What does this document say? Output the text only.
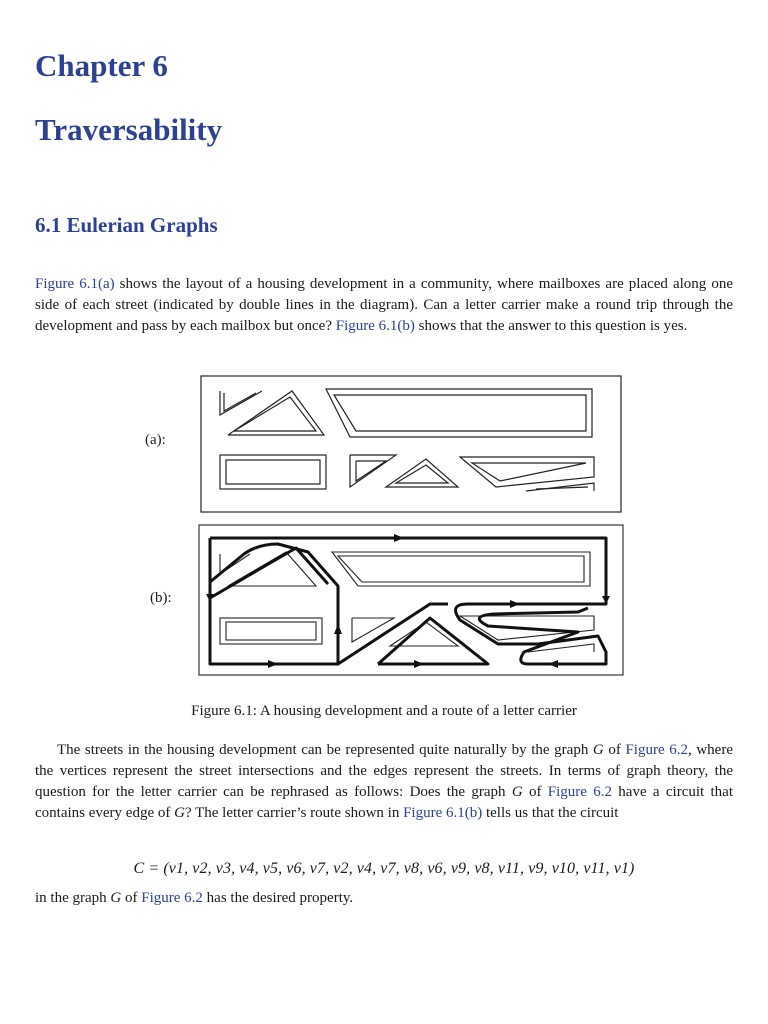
Chapter 6
Traversability
6.1 Eulerian Graphs

Figure 6.1(a) shows the layout of a housing development in a community, where mailboxes are placed along one side of each street (indicated by double lines in the diagram). Can a letter carrier make a round trip through the development and pass by each mailbox but once? Figure 6.1(b) shows that the answer to this question is yes.

(a):
(b):
Figure 6.1: A housing development and a route of a letter carrier

The streets in the housing development can be represented quite naturally by the graph G of Figure 6.2, where the vertices represent the street intersections and the edges represent the streets. In terms of graph theory, the question for the letter carrier can be rephrased as follows: Does the graph G of Figure 6.2 have a circuit that contains every edge of G? The letter carrier’s route shown in Figure 6.1(b) tells us that the circuit

C = (v1, v2, v3, v4, v5, v6, v7, v2, v4, v7, v8, v6, v9, v8, v11, v9, v10, v11, v1)

in the graph G of Figure 6.2 has the desired property.
